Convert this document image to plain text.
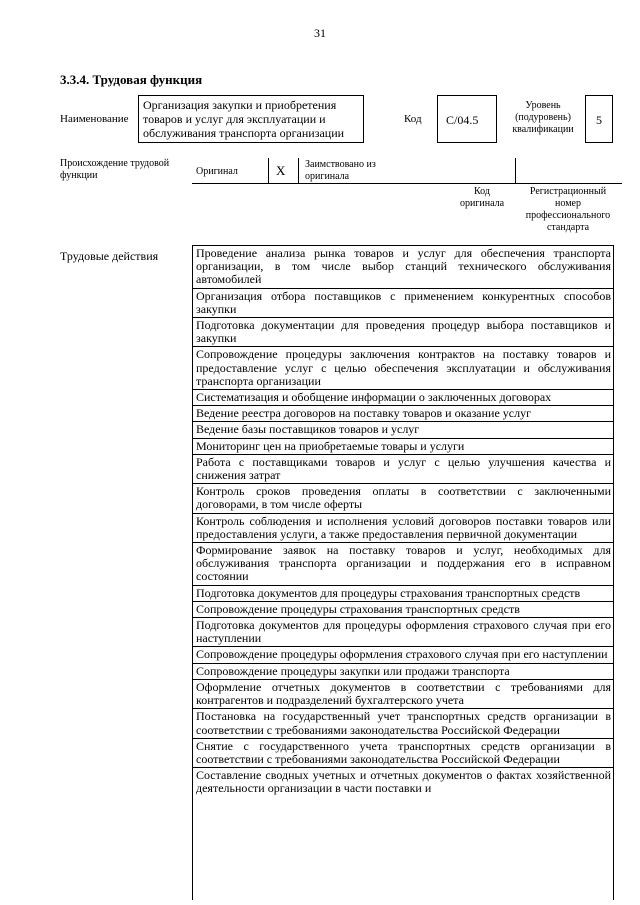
31
3.3.4. Трудовая функция
Наименование
Организация закупки и приобретения товаров и услуг для эксплуатации и обслуживания транспорта организации
Код	C/04.5
Уровень (подуровень) квалификации
5
Происхождение трудовой функции	Оригинал	X Заимствовано из оригинала
Код оригинала
Регистрационный номер профессионального стандарта
Трудовые действия	Проведение анализа рынка товаров и услуг для обеспечения транспорта организации, в том числе выбор станций технического обслуживания автомобилей
Организация отбора поставщиков с применением конкурентных способов закупки
Подготовка документации для проведения процедур выбора поставщиков и закупки
Сопровождение процедуры заключения контрактов на поставку товаров и предоставление услуг с целью обеспечения эксплуатации и обслуживания транспорта организации
Систематизация и обобщение информации о заключенных договорах
Ведение реестра договоров на поставку товаров и оказание услуг
Ведение базы поставщиков товаров и услуг
Мониторинг цен на приобретаемые товары и услуги
Работа с поставщиками товаров и услуг с целью улучшения качества и снижения затрат
Контроль сроков проведения оплаты в соответствии с заключенными договорами, в том числе оферты
Контроль соблюдения и исполнения условий договоров поставки товаров или предоставления услуги, а также предоставления первичной документации
Формирование заявок на поставку товаров и услуг, необходимых для обслуживания транспорта организации и поддержания его в исправном состоянии
Подготовка документов для процедуры страхования транспортных средств
Сопровождение процедуры страхования транспортных средств
Подготовка документов для процедуры оформления страхового случая при его наступлении
Сопровождение процедуры оформления страхового случая при его наступлении
Сопровождение процедуры закупки или продажи транспорта
Оформление отчетных документов в соответствии с требованиями для контрагентов и подразделений бухгалтерского учета
Постановка на государственный учет транспортных средств организации в соответствии с требованиями законодательства Российской Федерации
Снятие с государственного учета транспортных средств организации в соответствии с требованиями законодательства Российской Федерации
Составление сводных учетных и отчетных документов о фактах хозяйственной деятельности организации в части поставки и
